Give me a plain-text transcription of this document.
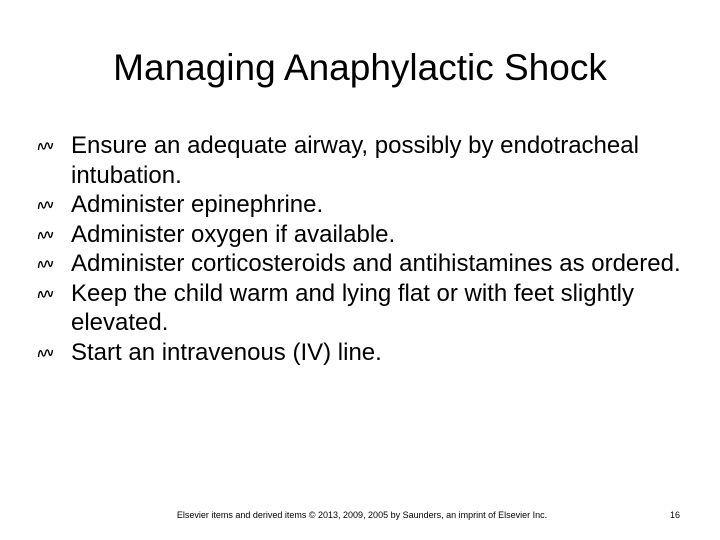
Managing Anaphylactic Shock
Ensure an adequate airway, possibly by endotracheal intubation.
Administer epinephrine.
Administer oxygen if available.
Administer corticosteroids and antihistamines as ordered.
Keep the child warm and lying flat or with feet slightly elevated.
Start an intravenous (IV) line.
Elsevier items and derived items © 2013, 2009, 2005 by Saunders, an imprint of Elsevier Inc.	16
